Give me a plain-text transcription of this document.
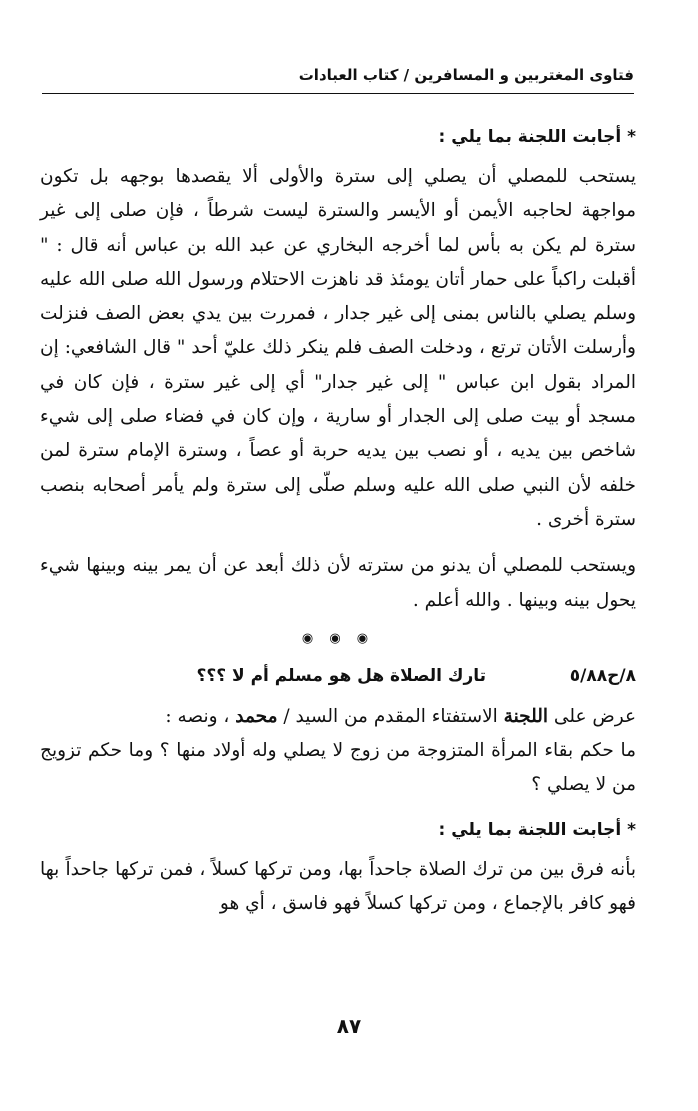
فتاوى المغتربين و المسافرين / كتاب العبادات
* أجابت اللجنة بما يلي :

يستحب للمصلي أن يصلي إلى سترة والأولى ألا يقصدها بوجهه بل تكون مواجهة لحاجبه الأيمن أو الأيسر والسترة ليست شرطاً ، فإن صلى إلى غير سترة لم يكن به بأس لما أخرجه البخاري عن عبد الله بن عباس أنه قال : " أقبلت راكباً على حمار أتان يومئذ قد ناهزت الاحتلام ورسول الله صلى الله عليه وسلم يصلي بالناس بمنى إلى غير جدار ، فمررت بين يدي بعض الصف فنزلت وأرسلت الأتان ترتع ، ودخلت الصف فلم ينكر ذلك عليّ أحد " قال الشافعي: إن المراد بقول ابن عباس " إلى غير جدار" أي إلى غير سترة ، فإن كان في مسجد أو بيت صلى إلى الجدار أو سارية ، وإن كان في فضاء صلى إلى شيء شاخص بين يديه ، أو نصب بين يديه حربة أو عصاً ، وسترة الإمام سترة لمن خلفه لأن النبي صلى الله عليه وسلم صلّى إلى سترة ولم يأمر أصحابه بنصب سترة أخرى .

ويستحب للمصلي أن يدنو من سترته لأن ذلك أبعد عن أن يمر بينه وبينها شيء يحول بينه وبينها . والله أعلم .

◉ ◉ ◉
٨/ح٥/٨٨
تارك الصلاة هل هو مسلم أم لا ؟؟؟

عرض على اللجنة الاستفتاء المقدم من السيد / محمد ، ونصه :

ما حكم بقاء المرأة المتزوجة من زوج لا يصلي وله أولاد منها ؟ وما حكم تزويج من لا يصلي ؟

* أجابت اللجنة بما يلي :

بأنه فرق بين من ترك الصلاة جاحداً بها، ومن تركها كسلاً ، فمن تركها جاحداً بها فهو كافر بالإجماع ، ومن تركها كسلاً فهو فاسق ، أي هو

٨٧
